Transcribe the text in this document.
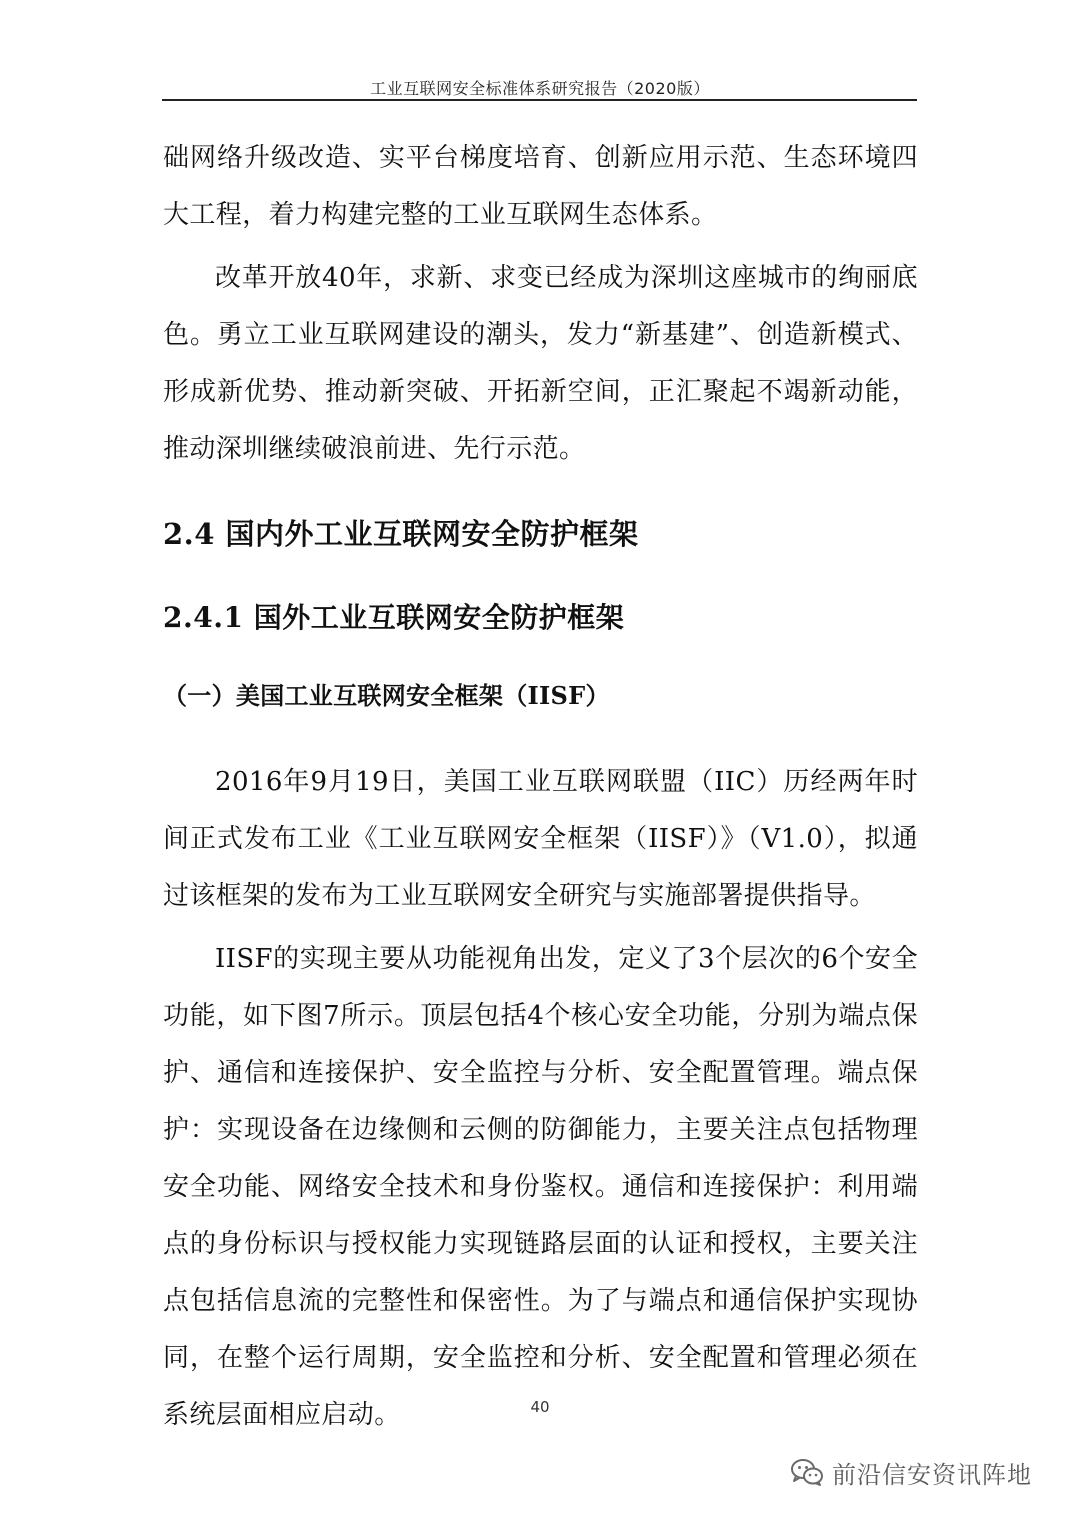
工业互联网安全标准体系研究报告（2020版）

础网络升级改造、实平台梯度培育、创新应用示范、生态环境四大工程，着力构建完整的工业互联网生态体系。

改革开放40年，求新、求变已经成为深圳这座城市的绚丽底色。勇立工业互联网建设的潮头，发力“新基建”、创造新模式、形成新优势、推动新突破、开拓新空间，正汇聚起不竭新动能，推动深圳继续破浪前进、先行示范。

2.4 国内外工业互联网安全防护框架
2.4.1 国外工业互联网安全防护框架
（一）美国工业互联网安全框架（IISF）

2016年9月19日，美国工业互联网联盟（IIC）历经两年时间正式发布工业《工业互联网安全框架（IISF）》（V1.0），拟通过该框架的发布为工业互联网安全研究与实施部署提供指导。

IISF的实现主要从功能视角出发，定义了3个层次的6个安全功能，如下图7所示。顶层包括4个核心安全功能，分别为端点保护、通信和连接保护、安全监控与分析、安全配置管理。端点保护：实现设备在边缘侧和云侧的防御能力，主要关注点包括物理安全功能、网络安全技术和身份鉴权。通信和连接保护：利用端点的身份标识与授权能力实现链路层面的认证和授权，主要关注点包括信息流的完整性和保密性。为了与端点和通信保护实现协同，在整个运行周期，安全监控和分析、安全配置和管理必须在系统层面相应启动。	40
前沿信安资讯阵地
